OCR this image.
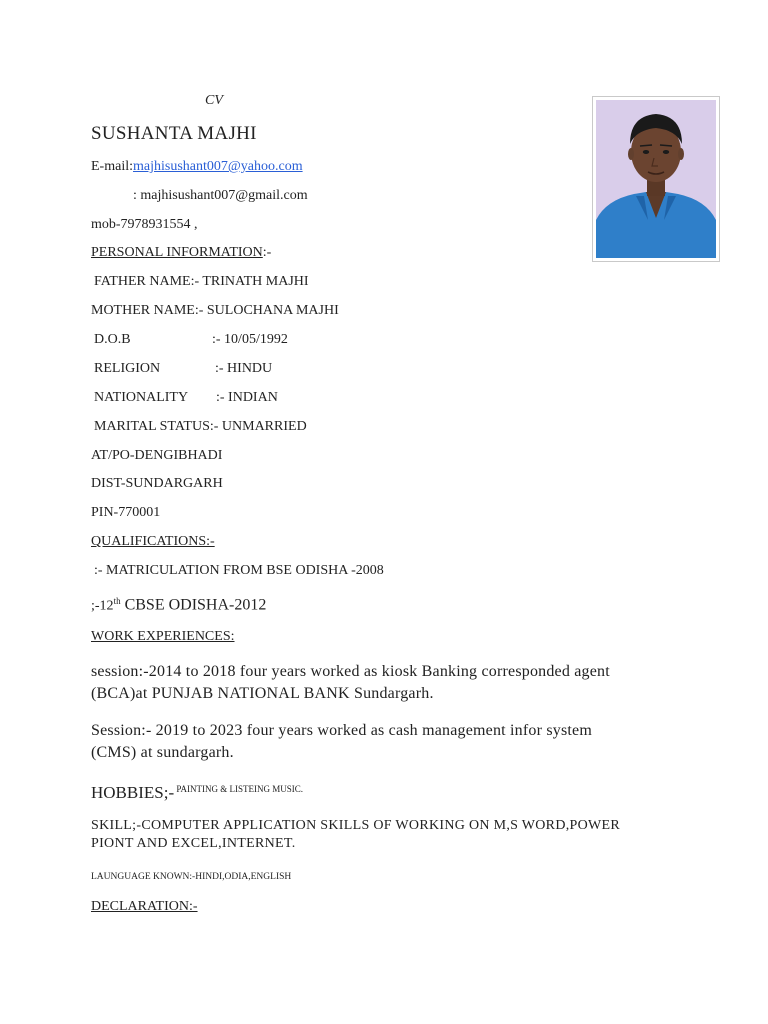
CV
SUSHANTA MAJHI
E-mail:majhisushant007@yahoo.com
: majhisushant007@gmail.com
mob-7978931554 ,
PERSONAL INFORMATION:-
FATHER NAME:- TRINATH MAJHI
MOTHER NAME:- SULOCHANA MAJHI
D.O.B	:- 10/05/1992
RELIGION	:- HINDU
NATIONALITY :- INDIAN
MARITAL STATUS:- UNMARRIED
AT/PO-DENGIBHADI
DIST-SUNDARGARH
PIN-770001
QUALIFICATIONS:-
:- MATRICULATION FROM BSE ODISHA -2008
;-12th CBSE ODISHA-2012
WORK EXPERIENCES:
session:-2014 to 2018 four years worked as kiosk Banking corresponded agent
(BCA)at PUNJAB NATIONAL BANK Sundargarh.
Session:- 2019 to 2023 four years worked as cash management infor system
(CMS) at sundargarh.
HOBBIES;- $^{PAINTING \& LISTEING MUSIC.}$
SKILL;-COMPUTER APPLICATION SKILLS OF WORKING ON M,S WORD,POWER
PIONT AND EXCEL,INTERNET.
LAUNGUAGE KNOWN:-HINDI,ODIA,ENGLISH
DECLARATION:-
